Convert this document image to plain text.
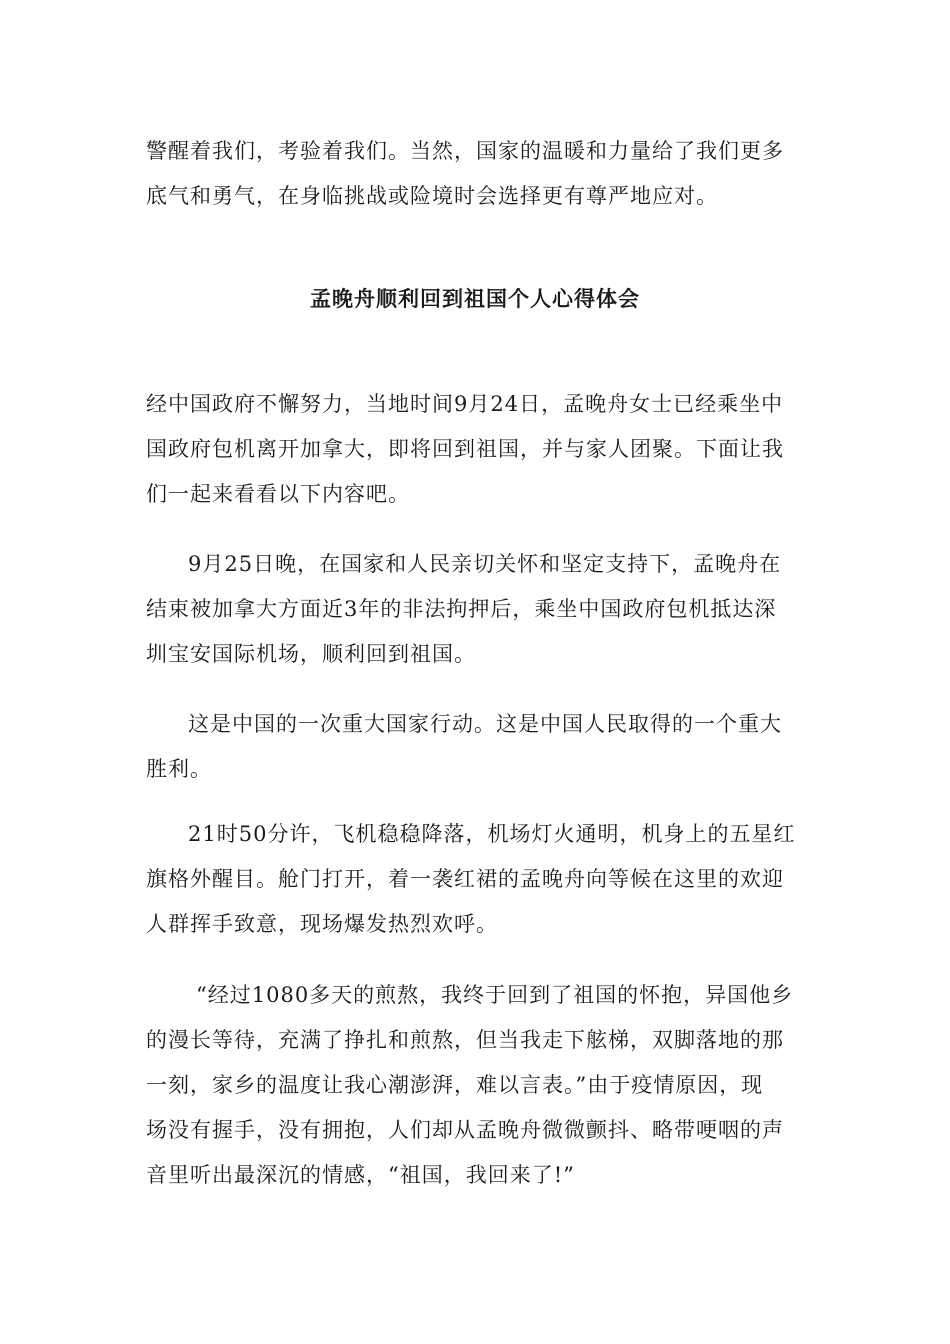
警醒着我们，考验着我们。当然，国家的温暖和力量给了我们更多
底气和勇气，在身临挑战或险境时会选择更有尊严地应对。

孟晚舟顺利回到祖国个人心得体会

经中国政府不懈努力，当地时间9月24日，孟晚舟女士已经乘坐中
国政府包机离开加拿大，即将回到祖国，并与家人团聚。下面让我
们一起来看看以下内容吧。

9月25日晚，在国家和人民亲切关怀和坚定支持下，孟晚舟在
结束被加拿大方面近3年的非法拘押后，乘坐中国政府包机抵达深
圳宝安国际机场，顺利回到祖国。

这是中国的一次重大国家行动。这是中国人民取得的一个重大
胜利。

21时50分许，飞机稳稳降落，机场灯火通明，机身上的五星红
旗格外醒目。舱门打开，着一袭红裙的孟晚舟向等候在这里的欢迎
人群挥手致意，现场爆发热烈欢呼。

“经过1080多天的煎熬，我终于回到了祖国的怀抱，异国他乡
的漫长等待，充满了挣扎和煎熬，但当我走下舷梯，双脚落地的那
一刻，家乡的温度让我心潮澎湃，难以言表。”由于疫情原因，现
场没有握手，没有拥抱，人们却从孟晚舟微微颤抖、略带哽咽的声
音里听出最深沉的情感，“祖国，我回来了!”
